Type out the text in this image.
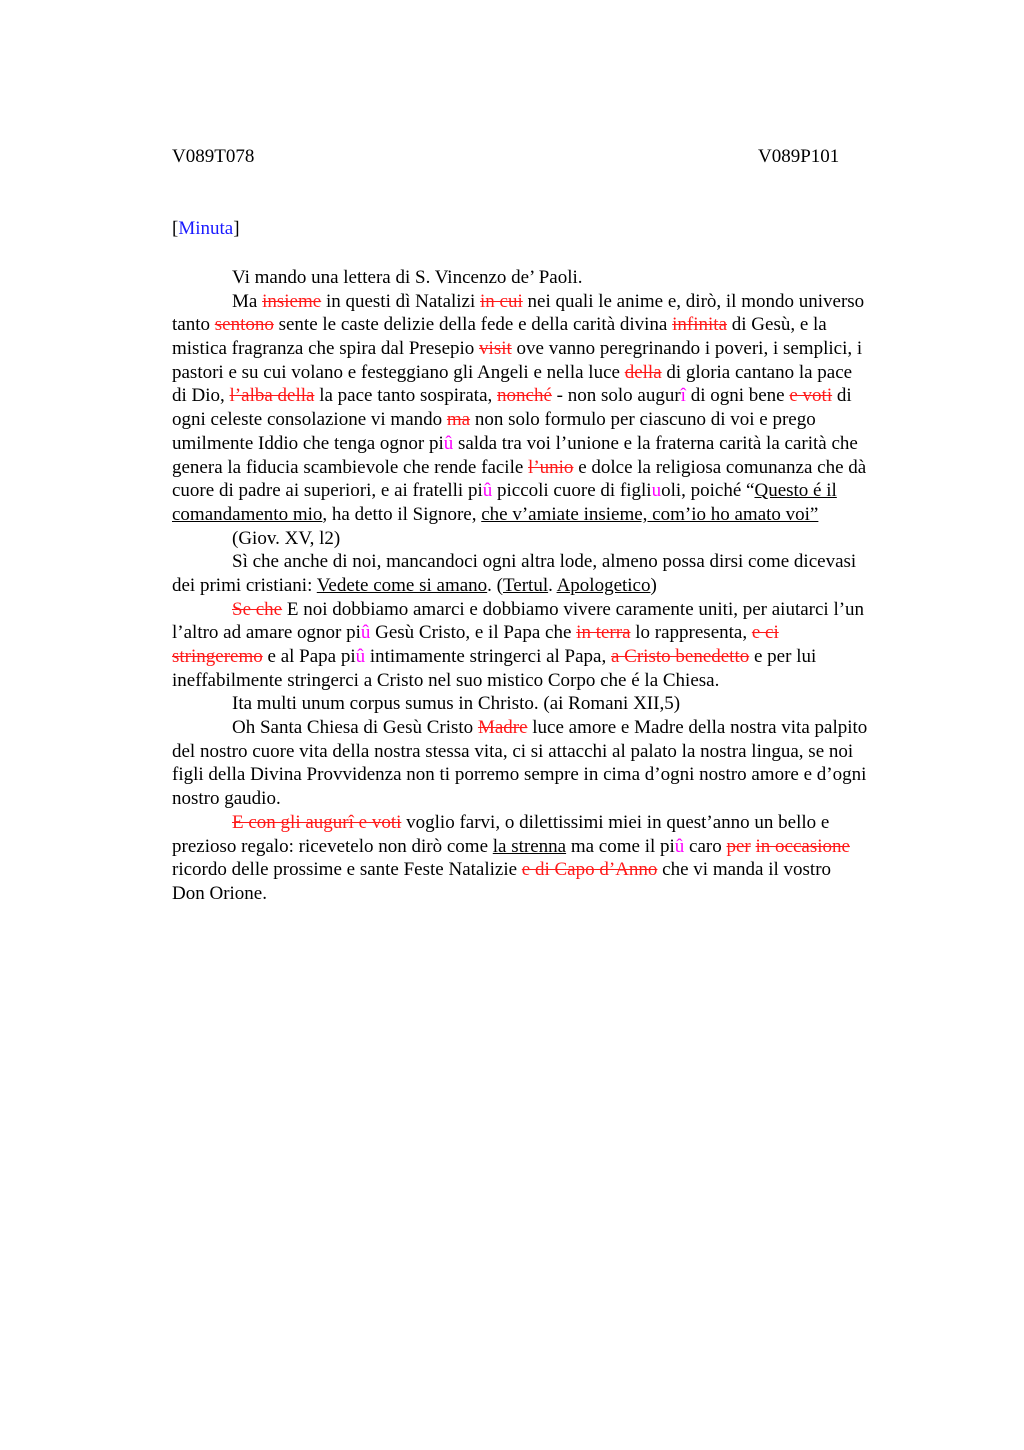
V089T078	V089P101
[Minuta]
Vi mando una lettera di S. Vincenzo de’ Paoli.
Ma insieme in questi dì Natalizi in cui nei quali le anime e, dirò, il mondo universo
tanto sentono sente le caste delizie della fede e della carità divina infinita di Gesù, e la
mistica fragranza che spira dal Presepio visit ove vanno peregrinando i poveri, i semplici, i
pastori e su cui volano e festeggiano gli Angeli e nella luce della di gloria cantano la pace
di Dio, l’alba della la pace tanto sospirata, nonché - non solo augurî di ogni bene e voti di
ogni celeste consolazione vi mando ma non solo formulo per ciascuno di voi e prego
umilmente Iddio che tenga ognor piû salda tra voi l’unione e la fraterna carità la carità che
genera la fiducia scambievole che rende facile l’unio e dolce la religiosa comunanza che dà
cuore di padre ai superiori, e ai fratelli piû piccoli cuore di figliuoli, poiché “Questo é il
comandamento mio, ha detto il Signore, che v’amiate insieme, com’io ho amato voi”
(Giov. XV, l2)
Sì che anche di noi, mancandoci ogni altra lode, almeno possa dirsi come dicevasi
dei primi cristiani: Vedete come si amano. (Tertul. Apologetico)
Se che E noi dobbiamo amarci e dobbiamo vivere caramente uniti, per aiutarci l’un
l’altro ad amare ognor piû Gesù Cristo, e il Papa che in terra lo rappresenta, e ci
stringeremo e al Papa piû intimamente stringerci al Papa, a Cristo benedetto e per lui
ineffabilmente stringerci a Cristo nel suo mistico Corpo che é la Chiesa.
Ita multi unum corpus sumus in Christo. (ai Romani XII,5)
Oh Santa Chiesa di Gesù Cristo Madre luce amore e Madre della nostra vita palpito
del nostro cuore vita della nostra stessa vita, ci si attacchi al palato la nostra lingua, se noi
figli della Divina Provvidenza non ti porremo sempre in cima d’ogni nostro amore e d’ogni
nostro gaudio.
E con gli augurî e voti voglio farvi, o dilettissimi miei in quest’anno un bello e
prezioso regalo: ricevetelo non dirò come la strenna ma come il piû caro per in occasione
ricordo delle prossime e sante Feste Natalizie e di Capo d’Anno che vi manda il vostro
Don Orione.
